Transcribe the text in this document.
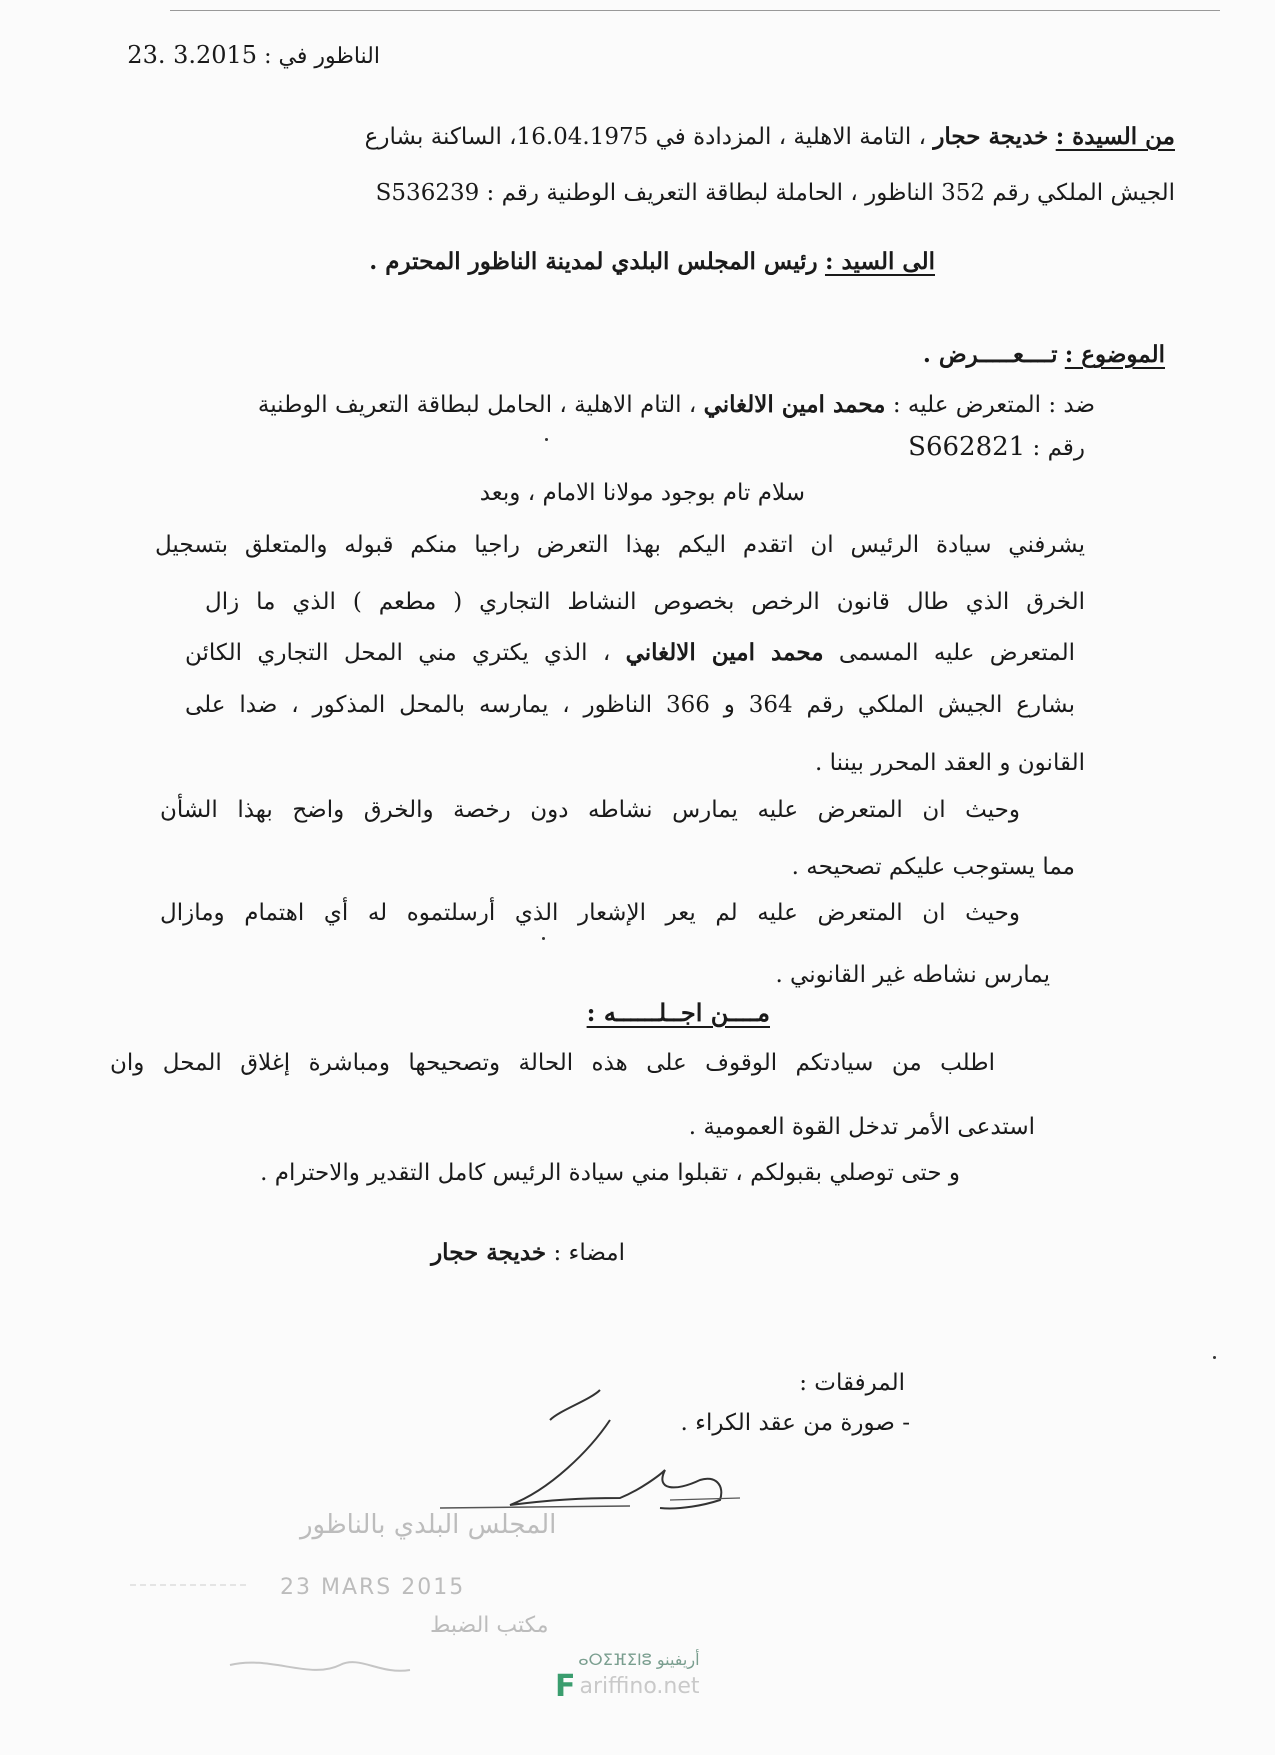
الناظور في : 23. 3.2015
من السيدة : خديجة حجار ، التامة الاهلية ، المزدادة في 16.04.1975، الساكنة بشارع
الجيش الملكي رقم 352 الناظور ، الحاملة لبطاقة التعريف الوطنية رقم : S536239
الى السيد : رئيس المجلس البلدي لمدينة الناظور المحترم .
الموضوع : تــــعـــــرض .
ضد : المتعرض عليه : محمد امين الالغاني ، التام الاهلية ، الحامل لبطاقة التعريف الوطنية
رقم : S662821
سلام تام بوجود مولانا الامام ، وبعد
يشرفني سيادة الرئيس ان اتقدم اليكم بهذا التعرض راجيا منكم قبوله والمتعلق بتسجيل
الخرق الذي طال قانون الرخص بخصوص النشاط التجاري ( مطعم ) الذي ما زال
المتعرض عليه المسمى محمد امين الالغاني ، الذي يكتري مني المحل التجاري الكائن
بشارع الجيش الملكي رقم 364 و 366 الناظور ، يمارسه بالمحل المذكور ، ضدا على
القانون و العقد المحرر بيننا .
وحيث ان المتعرض عليه يمارس نشاطه دون رخصة والخرق واضح بهذا الشأن
مما يستوجب عليكم تصحيحه .
وحيث ان المتعرض عليه لم يعر الإشعار الذي أرسلتموه له أي اهتمام ومازال
يمارس نشاطه غير القانوني .
مــــن اجــلــــــه :
اطلب من سيادتكم الوقوف على هذه الحالة وتصحيحها ومباشرة إغلاق المحل وان
استدعى الأمر تدخل القوة العمومية .
و حتى توصلي بقبولكم ، تقبلوا مني سيادة الرئيس كامل التقدير والاحترام .
امضاء : خديجة حجار
المرفقات :
- صورة من عقد الكراء .
المجلس البلدي بالناظور
23 MARS 2015
مكتب الضبط
أريفينو ⴰⵔⵉⴼⵉⵏⵓ
F ariffino.net
